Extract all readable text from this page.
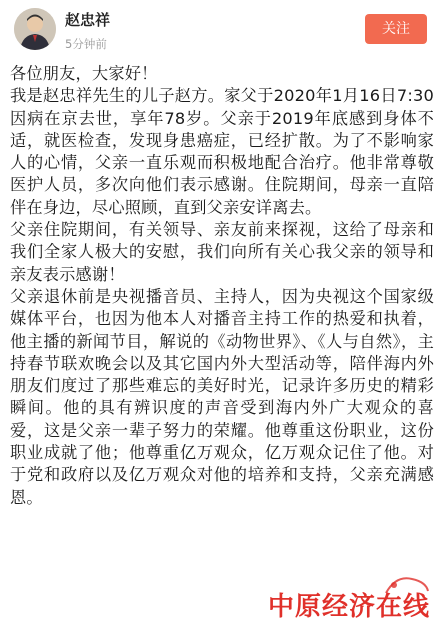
赵忠祥
5分钟前
关注

各位朋友，大家好！

我是赵忠祥先生的儿子赵方。家父于2020年1月16日7:30因病在京去世，享年78岁。父亲于2019年底感到身体不适，就医检查，发现身患癌症，已经扩散。为了不影响家人的心情，父亲一直乐观而积极地配合治疗。他非常尊敬医护人员，多次向他们表示感谢。住院期间，母亲一直陪伴在身边，尽心照顾，直到父亲安详离去。

父亲住院期间，有关领导、亲友前来探视，这给了母亲和我们全家人极大的安慰，我们向所有关心我父亲的领导和亲友表示感谢！

父亲退休前是央视播音员、主持人，因为央视这个国家级媒体平台，也因为他本人对播音主持工作的热爱和执着，他主播的新闻节目，解说的《动物世界》、《人与自然》，主持春节联欢晚会以及其它国内外大型活动等，陪伴海内外朋友们度过了那些难忘的美好时光，记录许多历史的精彩瞬间。他的具有辨识度的声音受到海内外广大观众的喜爱，这是父亲一辈子努力的荣耀。他尊重这份职业，这份职业成就了他；他尊重亿万观众，亿万观众记住了他。对于党和政府以及亿万观众对他的培养和支持，父亲充满感恩。

中原经济在线
